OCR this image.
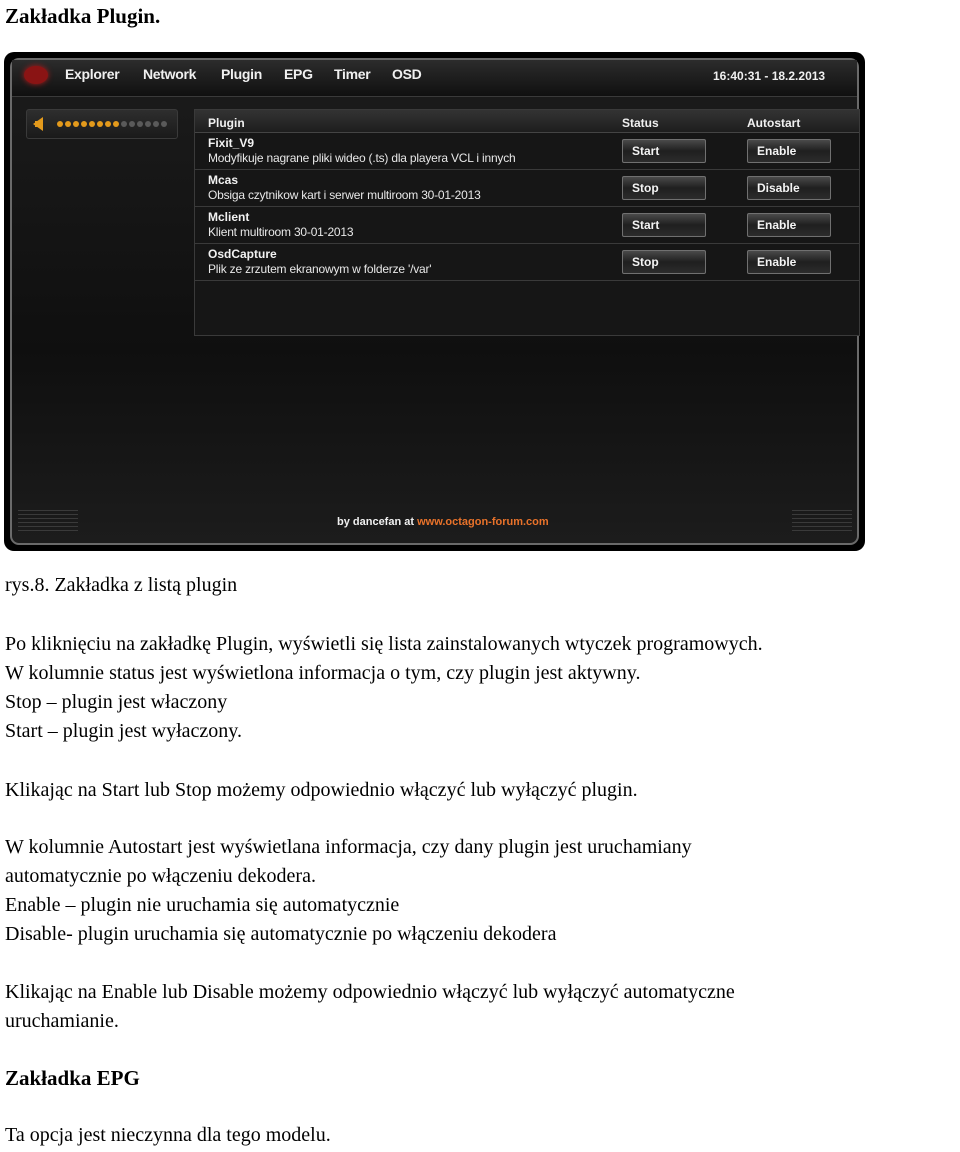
Zakładka Plugin.
Explorer Network Plugin EPG Timer OSD	16:40:31 - 18.2.2013
Plugin	Status	Autostart
Fixit_V9
Modyfikuje nagrane pliki wideo (.ts) dla playera VCL i innych	Start	Enable
Mcas
Obsiga czytnikow kart i serwer multiroom 30-01-2013	Stop	Disable
Mclient
Klient multiroom 30-01-2013	Start	Enable
OsdCapture
Plik ze zrzutem ekranowym w folderze '/var'	Stop	Enable
by dancefan at www.octagon-forum.com

rys.8. Zakładka z listą plugin

Po kliknięciu na zakładkę Plugin, wyświetli się lista zainstalowanych wtyczek programowych.
W kolumnie status jest wyświetlona informacja o tym, czy plugin jest aktywny.
Stop – plugin jest właczony
Start – plugin jest wyłaczony.

Klikając na Start lub Stop możemy odpowiednio włączyć lub wyłączyć plugin.

W kolumnie Autostart jest wyświetlana informacja, czy dany plugin jest uruchamiany
automatycznie po włączeniu dekodera.
Enable – plugin nie uruchamia się automatycznie
Disable- plugin uruchamia się automatycznie po włączeniu dekodera

Klikając na Enable lub Disable możemy odpowiednio włączyć lub wyłączyć automatyczne
uruchamianie.

Zakładka EPG

Ta opcja jest nieczynna dla tego modelu.
